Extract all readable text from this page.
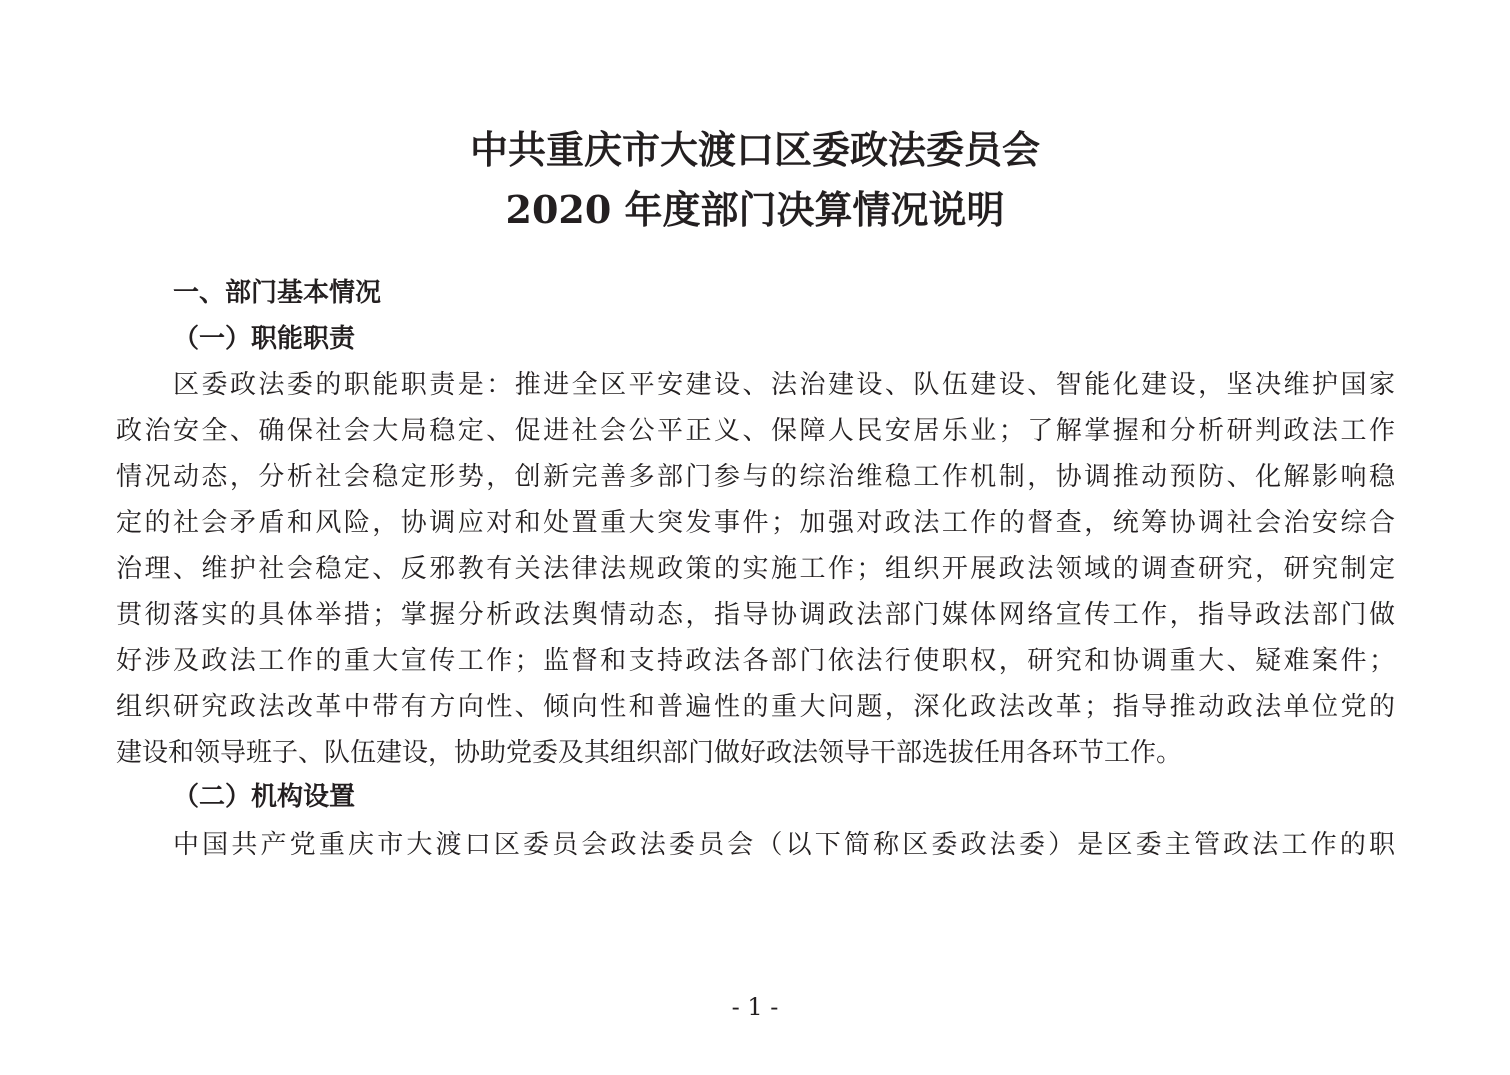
中共重庆市大渡口区委政法委员会
2020 年度部门决算情况说明
一、部门基本情况
（一）职能职责

区委政法委的职能职责是：推进全区平安建设、法治建设、队伍建设、智能化建设，坚决维护国家

政治安全、确保社会大局稳定、促进社会公平正义、保障人民安居乐业；了解掌握和分析研判政法工作

情况动态，分析社会稳定形势，创新完善多部门参与的综治维稳工作机制，协调推动预防、化解影响稳

定的社会矛盾和风险，协调应对和处置重大突发事件；加强对政法工作的督查，统筹协调社会治安综合

治理、维护社会稳定、反邪教有关法律法规政策的实施工作；组织开展政法领域的调查研究，研究制定

贯彻落实的具体举措；掌握分析政法舆情动态，指导协调政法部门媒体网络宣传工作，指导政法部门做

好涉及政法工作的重大宣传工作；监督和支持政法各部门依法行使职权，研究和协调重大、疑难案件；

组织研究政法改革中带有方向性、倾向性和普遍性的重大问题，深化政法改革；指导推动政法单位党的

建设和领导班子、队伍建设，协助党委及其组织部门做好政法领导干部选拔任用各环节工作。

（二）机构设置

中国共产党重庆市大渡口区委员会政法委员会（以下简称区委政法委）是区委主管政法工作的职

- 1 -
